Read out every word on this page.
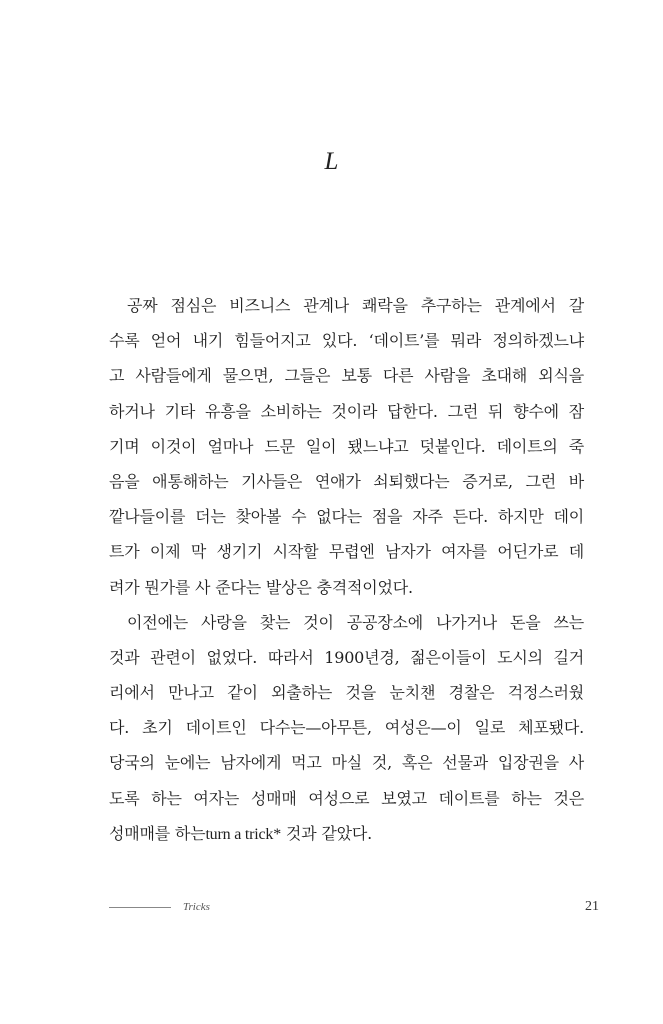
L
공짜 점심은 비즈니스 관계나 쾌락을 추구하는 관계에서 갈
수록 얻어 내기 힘들어지고 있다. ‘데이트’를 뭐라 정의하겠느냐
고 사람들에게 물으면, 그들은 보통 다른 사람을 초대해 외식을
하거나 기타 유흥을 소비하는 것이라 답한다. 그런 뒤 향수에 잠
기며 이것이 얼마나 드문 일이 됐느냐고 덧붙인다. 데이트의 죽
음을 애통해하는 기사들은 연애가 쇠퇴했다는 증거로, 그런 바
깥나들이를 더는 찾아볼 수 없다는 점을 자주 든다. 하지만 데이
트가 이제 막 생기기 시작할 무렵엔 남자가 여자를 어딘가로 데
려가 뭔가를 사 준다는 발상은 충격적이었다.
이전에는 사랑을 찾는 것이 공공장소에 나가거나 돈을 쓰는
것과 관련이 없었다. 따라서 1900년경, 젊은이들이 도시의 길거
리에서 만나고 같이 외출하는 것을 눈치챈 경찰은 걱정스러웠
다. 초기 데이트인 다수는—아무튼, 여성은—이 일로 체포됐다.
당국의 눈에는 남자에게 먹고 마실 것, 혹은 선물과 입장권을 사
도록 하는 여자는 성매매 여성으로 보였고 데이트를 하는 것은
성매매를 하는turn a trick* 것과 같았다.
Tricks	21
